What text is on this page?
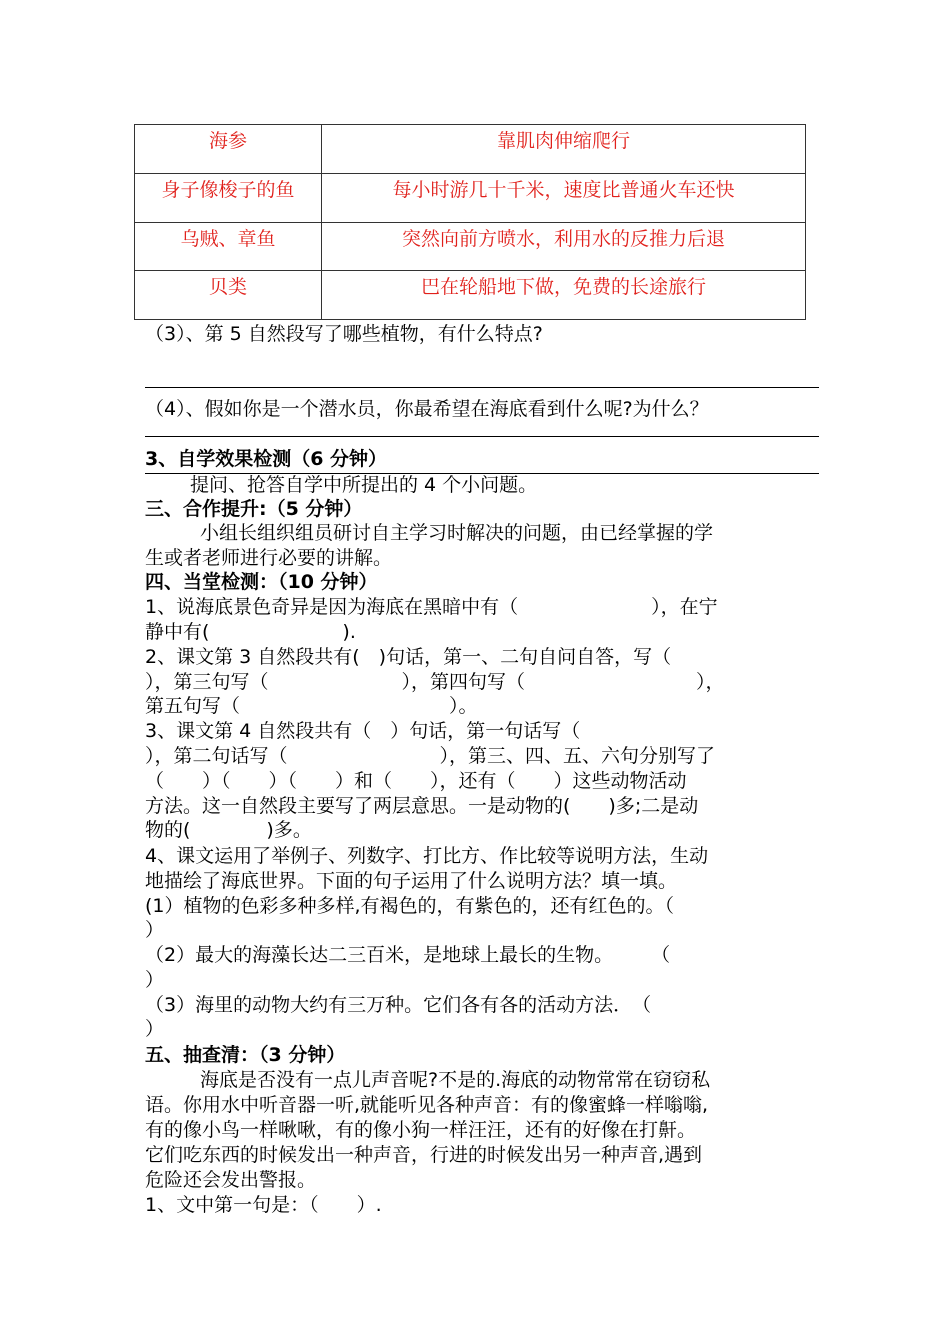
海参	靠肌肉伸缩爬行
身子像梭子的鱼	每小时游几十千米，速度比普通火车还快
乌贼、章鱼	突然向前方喷水，利用水的反推力后退
贝类	巴在轮船地下做，免费的长途旅行
（3）、第 5 自然段写了哪些植物，有什么特点?
（4）、假如你是一个潜水员，你最希望在海底看到什么呢?为什么？
3、自学效果检测（6 分钟）
提问、抢答自学中所提出的 4 个小问题。
三、合作提升:（5 分钟）
小组长组织组员研讨自主学习时解决的问题，由已经掌握的学
生或者老师进行必要的讲解。
四、当堂检测：（10 分钟）
1、说海底景色奇异是因为海底在黑暗中有（　　　　　　　），在宁
静中有(　　　　　　　).
2、课文第 3 自然段共有(　)句话，第一、二句自问自答，写（
），第三句写（　　　　　　　），第四句写（　　　　　　　　　），
第五句写（　　　　　　　　　　　）。
3、课文第 4 自然段共有（　）句话，第一句话写（
），第二句话写（　　　　　　　　），第三、四、五、六句分别写了
（　　）（　　）（　　）和（　　），还有（　　）这些动物活动
方法。这一自然段主要写了两层意思。一是动物的(　　)多;二是动
物的(　　　　)多。
4、课文运用了举例子、列数字、打比方、作比较等说明方法，生动
地描绘了海底世界。下面的句子运用了什么说明方法？填一填。
(1）植物的色彩多种多样,有褐色的，有紫色的，还有红色的。（
）
（2）最大的海藻长达二三百米，是地球上最长的生物。　　　（
）
（3）海里的动物大约有三万种。它们各有各的活动方法．　（
）
五、抽查清：（3 分钟）
海底是否没有一点儿声音呢?不是的.海底的动物常常在窃窃私
语。你用水中听音器一听,就能听见各种声音：有的像蜜蜂一样嗡嗡,
有的像小鸟一样啾啾，有的像小狗一样汪汪，还有的好像在打鼾。
它们吃东西的时候发出一种声音，行进的时候发出另一种声音,遇到
危险还会发出警报。
1、文中第一句是：（　　）.
